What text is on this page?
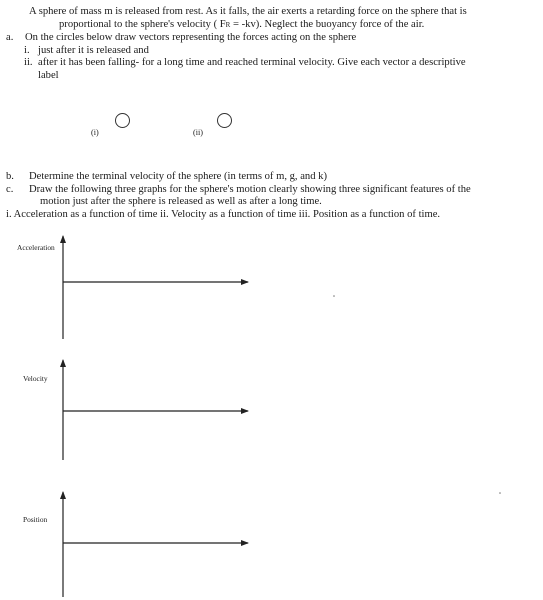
A sphere of mass m is released from rest. As it falls, the air exerts a retarding force on the sphere that is
proportional to the sphere's velocity ( FR = -kv). Neglect the buoyancy force of the air.
a. On the circles below draw vectors representing the forces acting on the sphere
i. just after it is released and
ii. after it has been falling- for a long time and reached terminal velocity. Give each vector a descriptive
label
(i)	(ii)
b. Determine the terminal velocity of the sphere (in terms of m, g, and k)
c. Draw the following three graphs for the sphere's motion clearly showing three significant features of the
motion just after the sphere is released as well as after a long time.
i. Acceleration as a function of time ii. Velocity as a function of time iii. Position as a function of time.
Acceleration
Velocity
Position
